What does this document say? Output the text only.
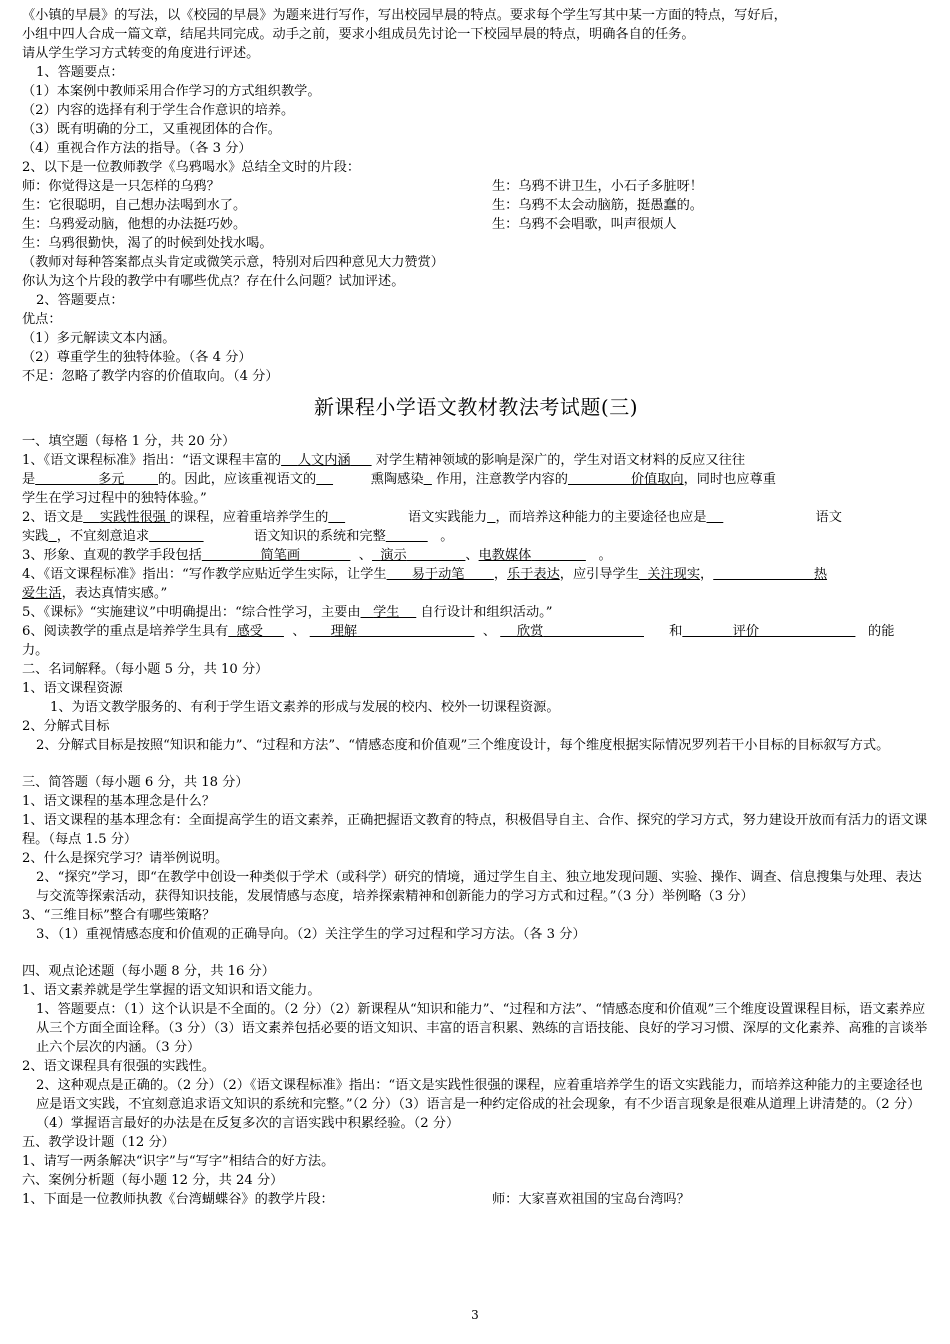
《小镇的早晨》的写法，以《校园的早晨》为题来进行写作，写出校园早晨的特点。要求每个学生写其中某一方面的特点，写好后，
小组中四人合成一篇文章，结尾共同完成。动手之前，要求小组成员先讨论一下校园早晨的特点，明确各自的任务。
请从学生学习方式转变的角度进行评述。
1、答题要点：
（1）本案例中教师采用合作学习的方式组织教学。
（2）内容的选择有利于学生合作意识的培养。
（3）既有明确的分工，又重视团体的合作。
（4）重视合作方法的指导。（各 3 分）
2、以下是一位教师教学《乌鸦喝水》总结全文时的片段：
师：你觉得这是一只怎样的乌鸦？	生：乌鸦不讲卫生，小石子多脏呀！
生：它很聪明，自己想办法喝到水了。	生：乌鸦不太会动脑筋，挺愚蠢的。
生：乌鸦爱动脑，他想的办法挺巧妙。	生：乌鸦不会唱歌，叫声很烦人
生：乌鸦很勤快，渴了的时候到处找水喝。
（教师对每种答案都点头肯定或微笑示意，特别对后四种意见大力赞赏）
你认为这个片段的教学中有哪些优点？存在什么问题？试加评述。
2、答题要点：
优点：
（1）多元解读文本内涵。
（2）尊重学生的独特体验。（各 4 分）
不足：忽略了教学内容的价值取向。（4 分）
新课程小学语文教材教法考试题(三)
一、填空题（每格 1 分，共 20 分）
1、《语文课程标准》指出：“语文课程丰富的 人文内涵 对学生精神领域的影响是深广的，学生对语文材料的反应又往往
是	多元	的。因此，应该重视语文的	熏陶感染 作用，注意教学内容的	价值取向，同时也应尊重
学生在学习过程中的独特体验。”
2、语文是 实践性很强 的课程，应着重培养学生的	语文实践能力 ，而培养这种能力的主要途径也应是	语文
实践 ，不宜刻意追求	语文知识的系统和完整	。
3、形象、直观的教学手段包括	简笔画	、 演示	、电教媒体	。
4、《语文课程标准》指出：“写作教学应贴近学生实际，让学生 易于动笔 ，乐于表达，应引导学生 关注现实，	热
爱生活，表达真情实感。”
5、《课标》“实施建议”中明确提出：“综合性学习，主要由 学生 自行设计和组织活动。”
6、阅读教学的重点是培养学生具有 感受 、 理解	、 欣赏	和	评价	的能
力。
二、名词解释。（每小题 5 分，共 10 分）
1、语文课程资源
1、为语文教学服务的、有利于学生语文素养的形成与发展的校内、校外一切课程资源。
2、分解式目标
2、分解式目标是按照“知识和能力”、“过程和方法”、“情感态度和价值观”三个维度设计，每个维度根据实际情况罗列若干小目标的目标叙写方式。
三、简答题（每小题 6 分，共 18 分）
1、语文课程的基本理念是什么？
1、语文课程的基本理念有：全面提高学生的语文素养，正确把握语文教育的特点，积极倡导自主、合作、探究的学习方式，努力建设开放而有活力的语文课程。（每点 1.5 分）
2、什么是探究学习？请举例说明。
2、“探究”学习，即“在教学中创设一种类似于学术（或科学）研究的情境，通过学生自主、独立地发现问题、实验、操作、调查、信息搜集与处理、表达与交流等探索活动，获得知识技能，发展情感与态度，培养探索精神和创新能力的学习方式和过程。”（3 分）举例略（3 分）
3、“三维目标”整合有哪些策略？
3、（1）重视情感态度和价值观的正确导向。（2）关注学生的学习过程和学习方法。（各 3 分）
四、观点论述题（每小题 8 分，共 16 分）
1、语文素养就是学生掌握的语文知识和语文能力。
1、答题要点：（1）这个认识是不全面的。（2 分）（2）新课程从“知识和能力”、“过程和方法”、“情感态度和价值观”三个维度设置课程目标，语文素养应从三个方面全面诠释。（3 分）（3）语文素养包括必要的语文知识、丰富的语言积累、熟练的言语技能、良好的学习习惯、深厚的文化素养、高雅的言谈举止六个层次的内涵。（3 分）
2、语文课程具有很强的实践性。
2、这种观点是正确的。（2 分）（2）《语文课程标准》指出：“语文是实践性很强的课程，应着重培养学生的语文实践能力，而培养这种能力的主要途径也应是语文实践，不宜刻意追求语文知识的系统和完整。”（2 分）（3）语言是一种约定俗成的社会现象，有不少语言现象是很难从道理上讲清楚的。（2 分）（4）掌握语言最好的办法是在反复多次的言语实践中积累经验。（2 分）
五、教学设计题（12 分）
1、请写一两条解决“识字”与“写字”相结合的好方法。
六、案例分析题（每小题 12 分，共 24 分）
1、下面是一位教师执教《台湾蝴蝶谷》的教学片段：	师：大家喜欢祖国的宝岛台湾吗？
3
